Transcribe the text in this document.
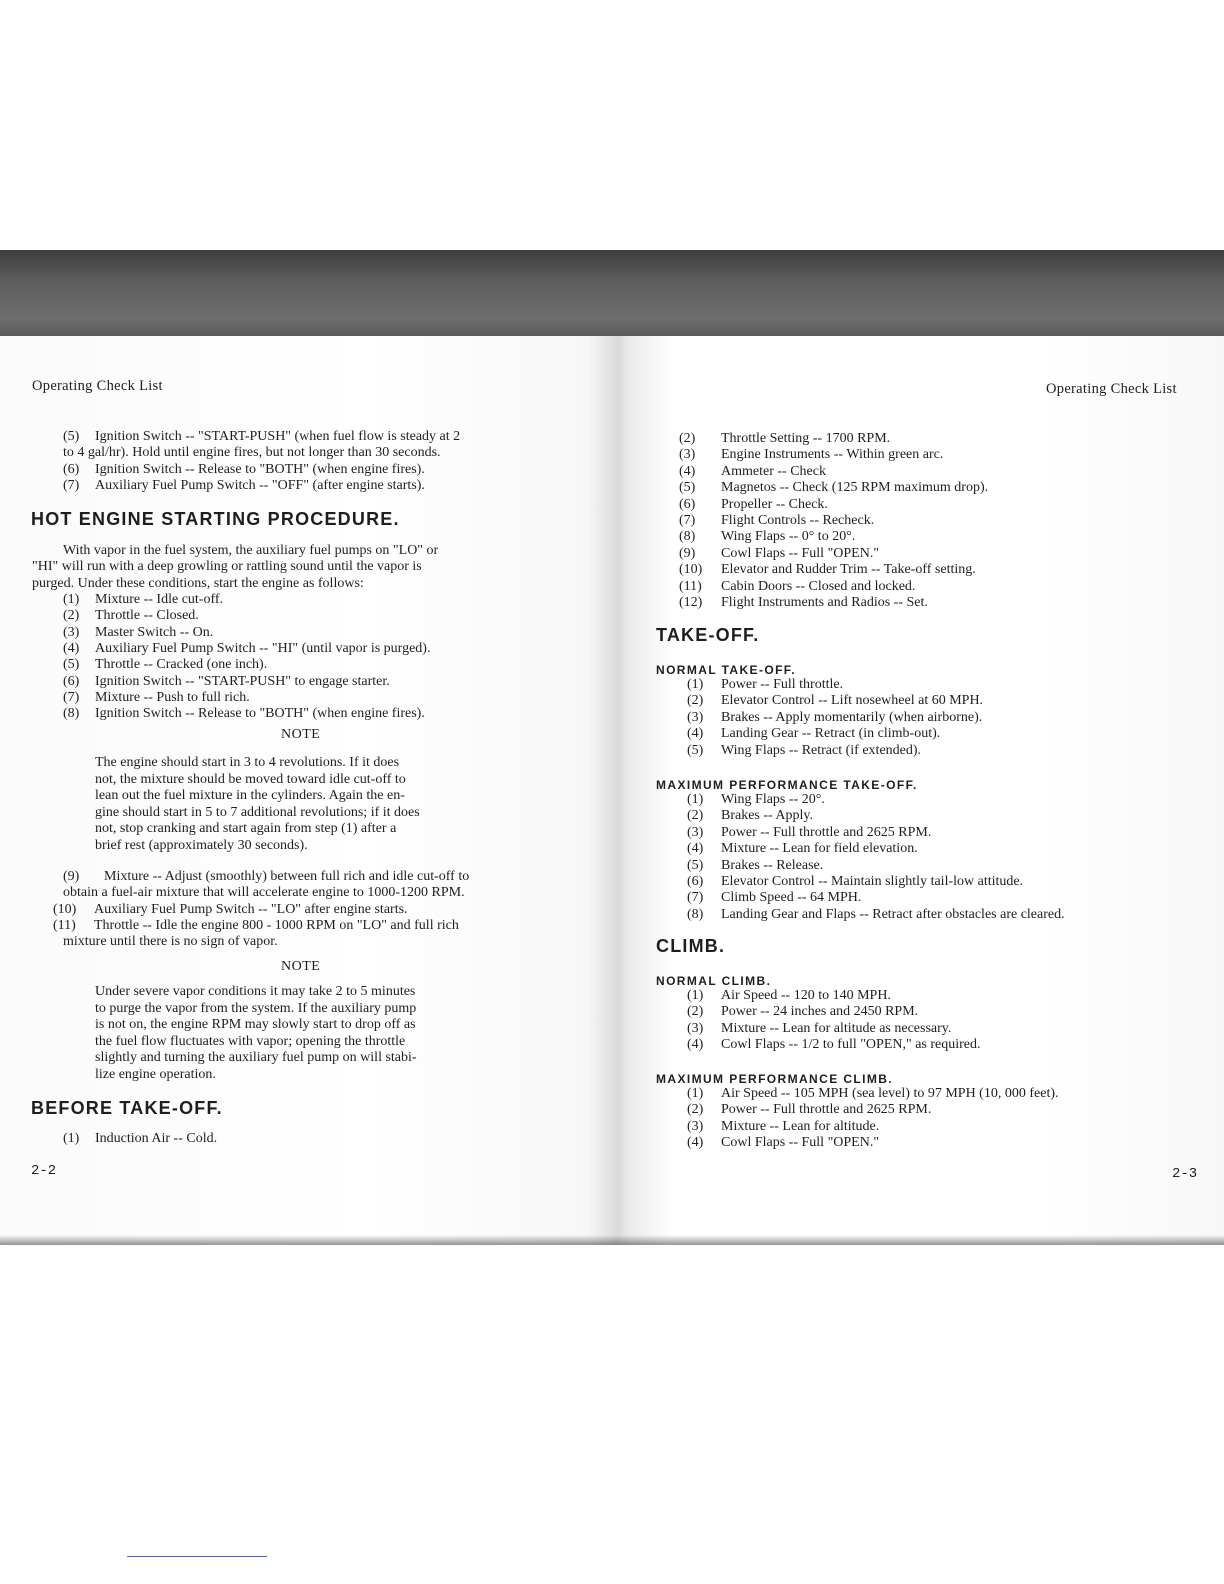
Operating Check List
(5) Ignition Switch -- "START-PUSH" (when fuel flow is steady at 2
to 4 gal/hr). Hold until engine fires, but not longer than 30 seconds.
(6) Ignition Switch -- Release to "BOTH" (when engine fires).
(7) Auxiliary Fuel Pump Switch -- "OFF" (after engine starts).
HOT ENGINE STARTING PROCEDURE.
With vapor in the fuel system, the auxiliary fuel pumps on "LO" or
"HI" will run with a deep growling or rattling sound until the vapor is
purged. Under these conditions, start the engine as follows:
(1) Mixture -- Idle cut-off.
(2) Throttle -- Closed.
(3) Master Switch -- On.
(4) Auxiliary Fuel Pump Switch -- "HI" (until vapor is purged).
(5) Throttle -- Cracked (one inch).
(6) Ignition Switch -- "START-PUSH" to engage starter.
(7) Mixture -- Push to full rich.
(8) Ignition Switch -- Release to "BOTH" (when engine fires).
NOTE
The engine should start in 3 to 4 revolutions. If it does
not, the mixture should be moved toward idle cut-off to
lean out the fuel mixture in the cylinders. Again the en-
gine should start in 5 to 7 additional revolutions; if it does
not, stop cranking and start again from step (1) after a
brief rest (approximately 30 seconds).
(9) Mixture -- Adjust (smoothly) between full rich and idle cut-off to
obtain a fuel-air mixture that will accelerate engine to 1000-1200 RPM.
(10) Auxiliary Fuel Pump Switch -- "LO" after engine starts.
(11) Throttle -- Idle the engine 800 - 1000 RPM on "LO" and full rich
mixture until there is no sign of vapor.
NOTE
Under severe vapor conditions it may take 2 to 5 minutes
to purge the vapor from the system. If the auxiliary pump
is not on, the engine RPM may slowly start to drop off as
the fuel flow fluctuates with vapor; opening the throttle
slightly and turning the auxiliary fuel pump on will stabi-
lize engine operation.
BEFORE TAKE-OFF.
(1) Induction Air -- Cold.
2-2
Operating Check List
(2) Throttle Setting -- 1700 RPM.
(3) Engine Instruments -- Within green arc.
(4) Ammeter -- Check
(5) Magnetos -- Check (125 RPM maximum drop).
(6) Propeller -- Check.
(7) Flight Controls -- Recheck.
(8) Wing Flaps -- 0° to 20°.
(9) Cowl Flaps -- Full "OPEN."
(10) Elevator and Rudder Trim -- Take-off setting.
(11) Cabin Doors -- Closed and locked.
(12) Flight Instruments and Radios -- Set.
TAKE-OFF.
NORMAL TAKE-OFF.
(1) Power -- Full throttle.
(2) Elevator Control -- Lift nosewheel at 60 MPH.
(3) Brakes -- Apply momentarily (when airborne).
(4) Landing Gear -- Retract (in climb-out).
(5) Wing Flaps -- Retract (if extended).
MAXIMUM PERFORMANCE TAKE-OFF.
(1) Wing Flaps -- 20°.
(2) Brakes -- Apply.
(3) Power -- Full throttle and 2625 RPM.
(4) Mixture -- Lean for field elevation.
(5) Brakes -- Release.
(6) Elevator Control -- Maintain slightly tail-low attitude.
(7) Climb Speed -- 64 MPH.
(8) Landing Gear and Flaps -- Retract after obstacles are cleared.
CLIMB.
NORMAL CLIMB.
(1) Air Speed -- 120 to 140 MPH.
(2) Power -- 24 inches and 2450 RPM.
(3) Mixture -- Lean for altitude as necessary.
(4) Cowl Flaps -- 1/2 to full "OPEN," as required.
MAXIMUM PERFORMANCE CLIMB.
(1) Air Speed -- 105 MPH (sea level) to 97 MPH (10, 000 feet).
(2) Power -- Full throttle and 2625 RPM.
(3) Mixture -- Lean for altitude.
(4) Cowl Flaps -- Full "OPEN."
2-3
